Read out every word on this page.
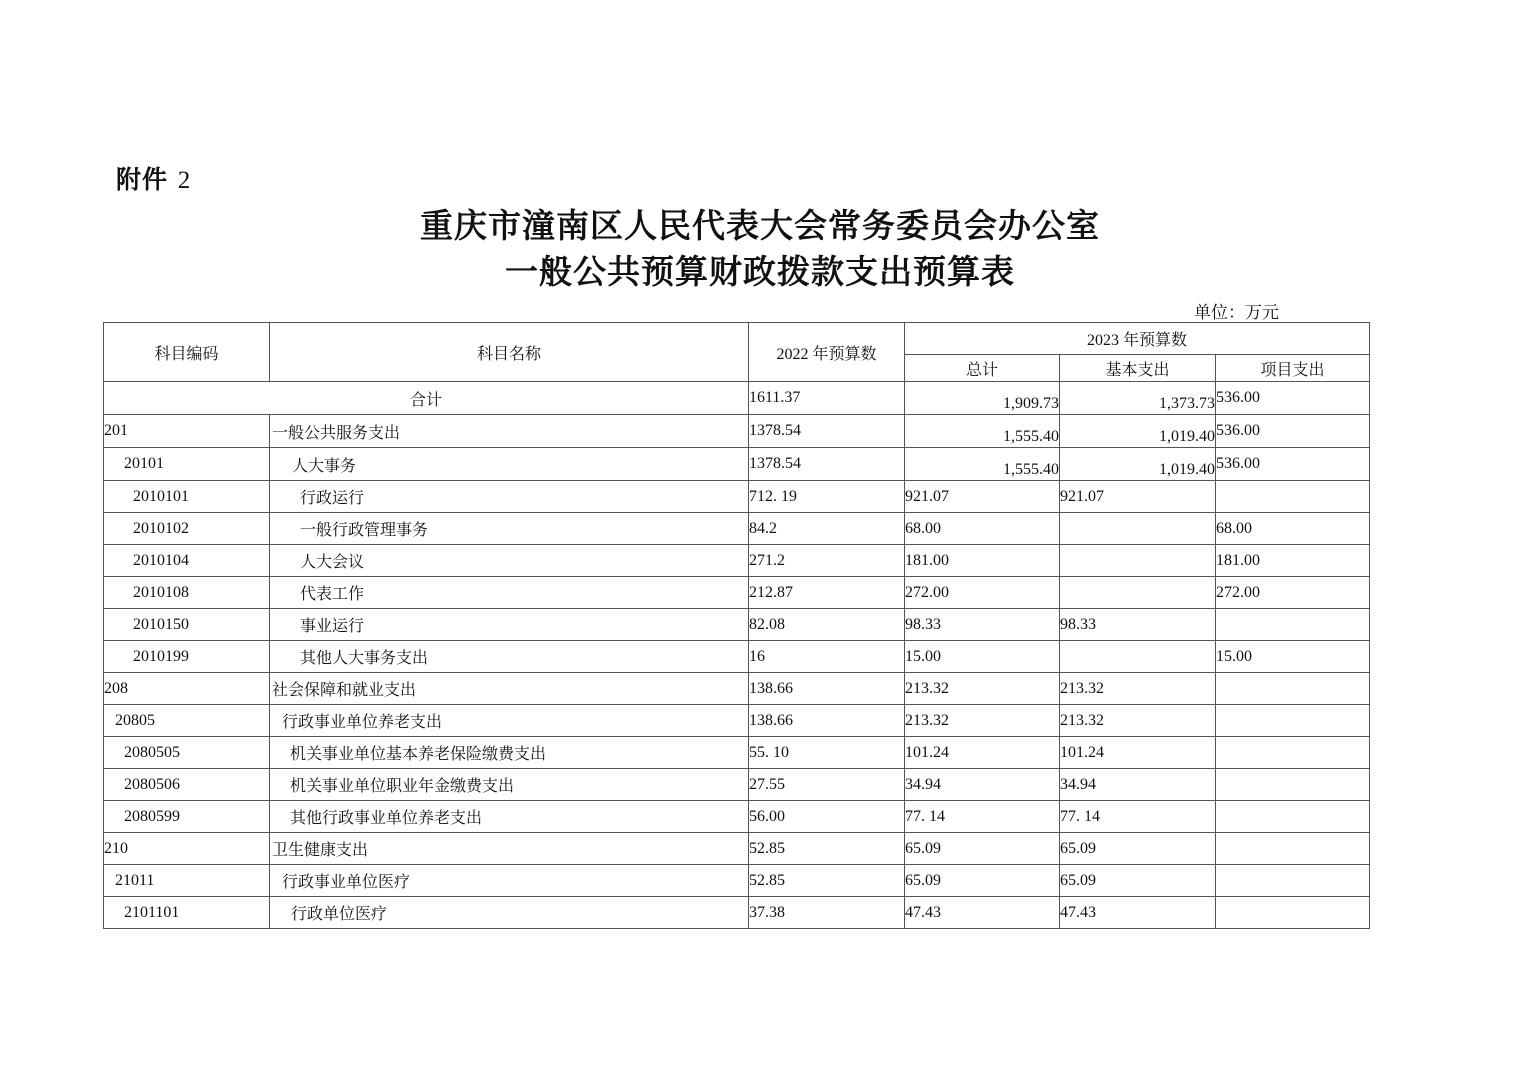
附件 2
重庆市潼南区人民代表大会常务委员会办公室
一般公共预算财政拨款支出预算表
单位：万元
科目编码	科目名称	2022 年预算数	2023 年预算数		
			总计	基本支出	项目支出
合计		1611.37	1,909.73	1,373.73	536.00
201	一般公共服务支出	1378.54	1,555.40	1,019.40	536.00
20101	人大事务	1378.54	1,555.40	1,019.40	536.00
2010101	行政运行	712. 19	921.07	921.07	
2010102	一般行政管理事务	84.2	68.00		68.00
2010104	人大会议	271.2	181.00		181.00
2010108	代表工作	212.87	272.00		272.00
2010150	事业运行	82.08	98.33	98.33	
2010199	其他人大事务支出	16	15.00		15.00
208	社会保障和就业支出	138.66	213.32	213.32	
20805	行政事业单位养老支出	138.66	213.32	213.32	
2080505	机关事业单位基本养老保险缴费支出	55. 10	101.24	101.24	
2080506	机关事业单位职业年金缴费支出	27.55	34.94	34.94	
2080599	其他行政事业单位养老支出	56.00	77. 14	77. 14	
210	卫生健康支出	52.85	65.09	65.09	
21011	行政事业单位医疗	52.85	65.09	65.09	
2101101	行政单位医疗	37.38	47.43	47.43	
